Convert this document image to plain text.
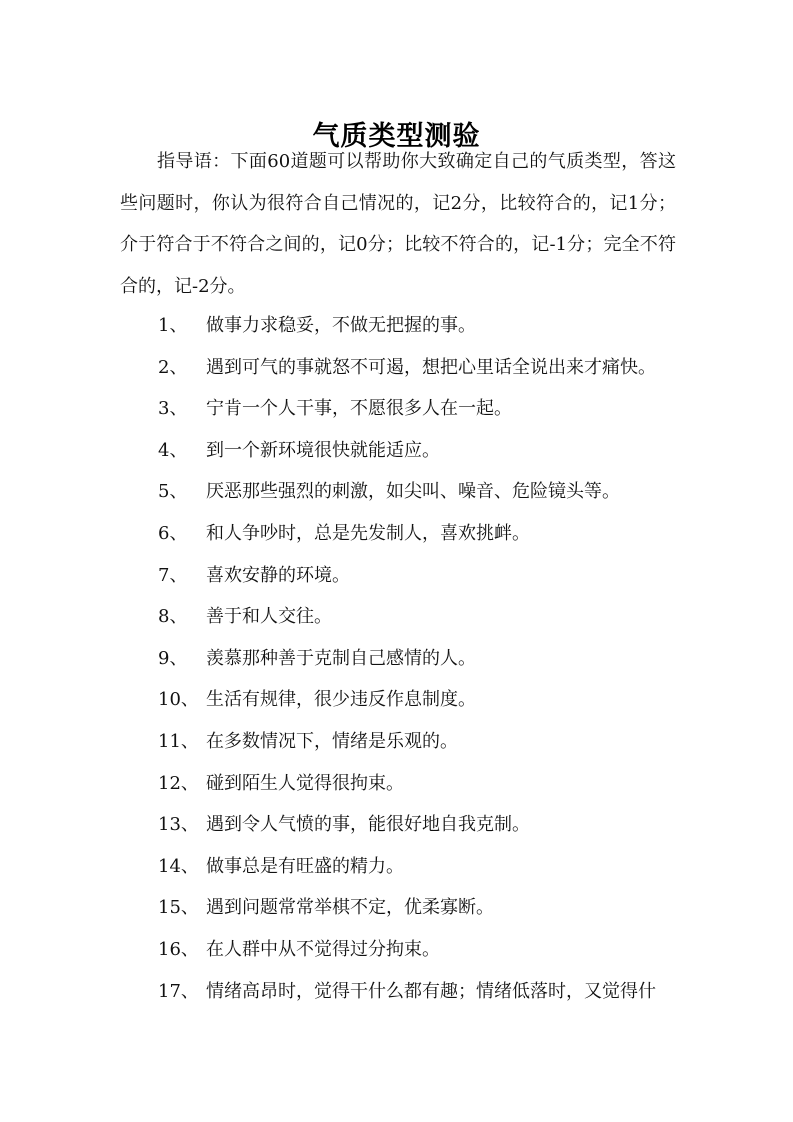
气质类型测验

指导语：下面60道题可以帮助你大致确定自己的气质类型，答这些问题时，你认为很符合自己情况的，记2分，比较符合的，记1分；介于符合于不符合之间的，记0分；比较不符合的，记-1分；完全不符合的，记-2分。

1、 做事力求稳妥，不做无把握的事。
2、 遇到可气的事就怒不可遏，想把心里话全说出来才痛快。
3、 宁肯一个人干事，不愿很多人在一起。
4、 到一个新环境很快就能适应。
5、 厌恶那些强烈的刺激，如尖叫、噪音、危险镜头等。
6、 和人争吵时，总是先发制人，喜欢挑衅。
7、 喜欢安静的环境。
8、 善于和人交往。
9、 羡慕那种善于克制自己感情的人。
10、 生活有规律，很少违反作息制度。
11、 在多数情况下，情绪是乐观的。
12、 碰到陌生人觉得很拘束。
13、 遇到令人气愤的事，能很好地自我克制。
14、 做事总是有旺盛的精力。
15、 遇到问题常常举棋不定，优柔寡断。
16、 在人群中从不觉得过分拘束。
17、 情绪高昂时，觉得干什么都有趣；情绪低落时，又觉得什
